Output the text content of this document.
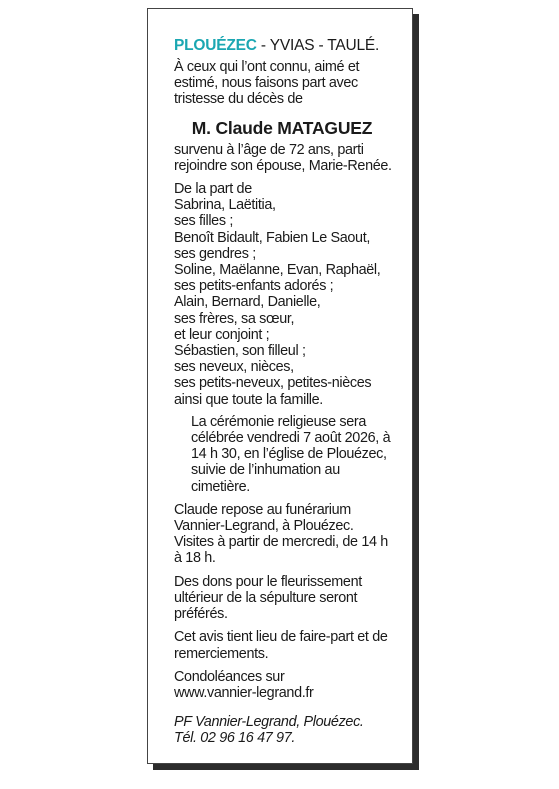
PLOUÉZEC - YVIAS - TAULÉ.

À ceux qui l’ont connu, aimé et
estimé, nous faisons part avec
tristesse du décès de

M. Claude MATAGUEZ

survenu à l’âge de 72 ans, parti
rejoindre son épouse, Marie-Renée.

De la part de
Sabrina, Laëtitia,
ses filles ;
Benoît Bidault, Fabien Le Saout,
ses gendres ;
Soline, Maëlanne, Evan, Raphaël,
ses petits-enfants adorés ;
Alain, Bernard, Danielle,
ses frères, sa sœur,
et leur conjoint ;
Sébastien, son filleul ;
ses neveux, nièces,
ses petits-neveux, petites-nièces
ainsi que toute la famille.

La cérémonie religieuse sera
célébrée vendredi 7 août 2026, à
14 h 30, en l’église de Plouézec,
suivie de l’inhumation au
cimetière.

Claude repose au funérarium
Vannier-Legrand, à Plouézec.
Visites à partir de mercredi, de 14 h
à 18 h.

Des dons pour le fleurissement
ultérieur de la sépulture seront
préférés.

Cet avis tient lieu de faire-part et de
remerciements.

Condoléances sur
www.vannier-legrand.fr

PF Vannier-Legrand, Plouézec.
Tél. 02 96 16 47 97.
